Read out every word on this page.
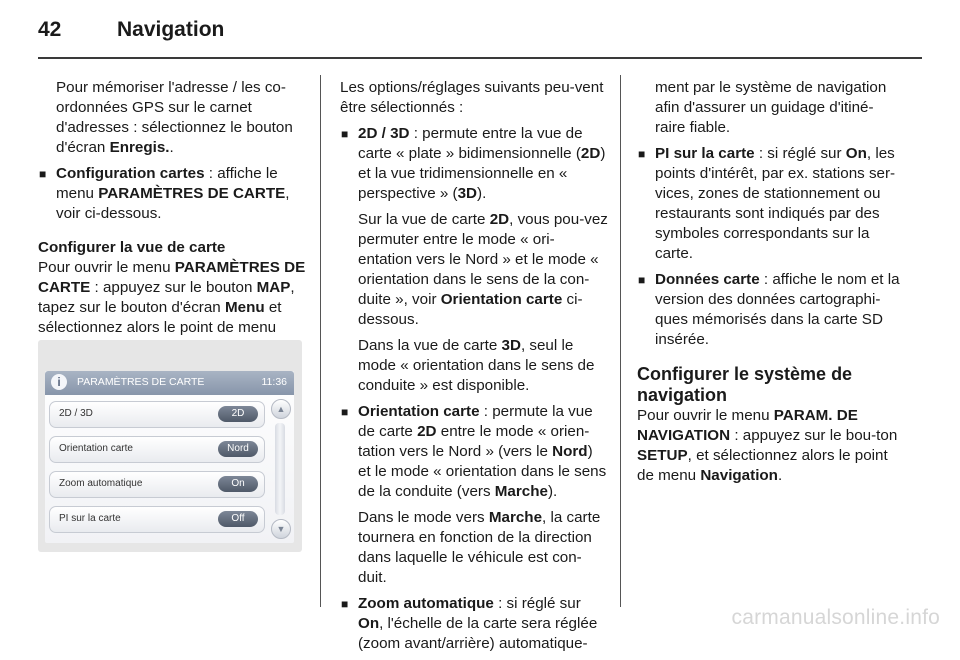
42	Navigation

Pour mémoriser l'adresse / les co-ordonnées GPS sur le carnet d'adresses : sélectionnez le bouton d'écran Enregis..

■ Configuration cartes : affiche le menu PARAMÈTRES DE CARTE, voir ci-dessous.

Configurer la vue de carte

Pour ouvrir le menu PARAMÈTRES DE CARTE : appuyez sur le bouton MAP, tapez sur le bouton d'écran Menu et sélectionnez alors le point de menu

i	PARAMÈTRES DE CARTE	11:36
2D / 3D	2D
Orientation carte	Nord
Zoom automatique	On
PI sur la carte	Off
▲
▼

Les options/réglages suivants peu-vent être sélectionnés :

■ 2D / 3D : permute entre la vue de carte « plate » bidimensionnelle (2D) et la vue tridimensionnelle en « perspective » (3D).

Sur la vue de carte 2D, vous pou-vez permuter entre le mode « ori-entation vers le Nord » et le mode « orientation dans le sens de la con-duite », voir Orientation carte ci-dessous.

Dans la vue de carte 3D, seul le mode « orientation dans le sens de conduite » est disponible.

■ Orientation carte : permute la vue de carte 2D entre le mode « orien-tation vers le Nord » (vers le Nord) et le mode « orientation dans le sens de la conduite (vers Marche).

Dans le mode vers Marche, la carte tournera en fonction de la direction dans laquelle le véhicule est con-duit.

■ Zoom automatique : si réglé sur On, l'échelle de la carte sera réglée (zoom avant/arrière) automatique-

ment par le système de navigation afin d'assurer un guidage d'itiné-raire fiable.

■ PI sur la carte : si réglé sur On, les points d'intérêt, par ex. stations ser-vices, zones de stationnement ou restaurants sont indiqués par des symboles correspondants sur la carte.

■ Données carte : affiche le nom et la version des données cartographi-ques mémorisés dans la carte SD insérée.

Configurer le système de navigation

Pour ouvrir le menu PARAM. DE NAVIGATION : appuyez sur le bou-ton SETUP, et sélectionnez alors le point de menu Navigation.

carmanualsonline.info
